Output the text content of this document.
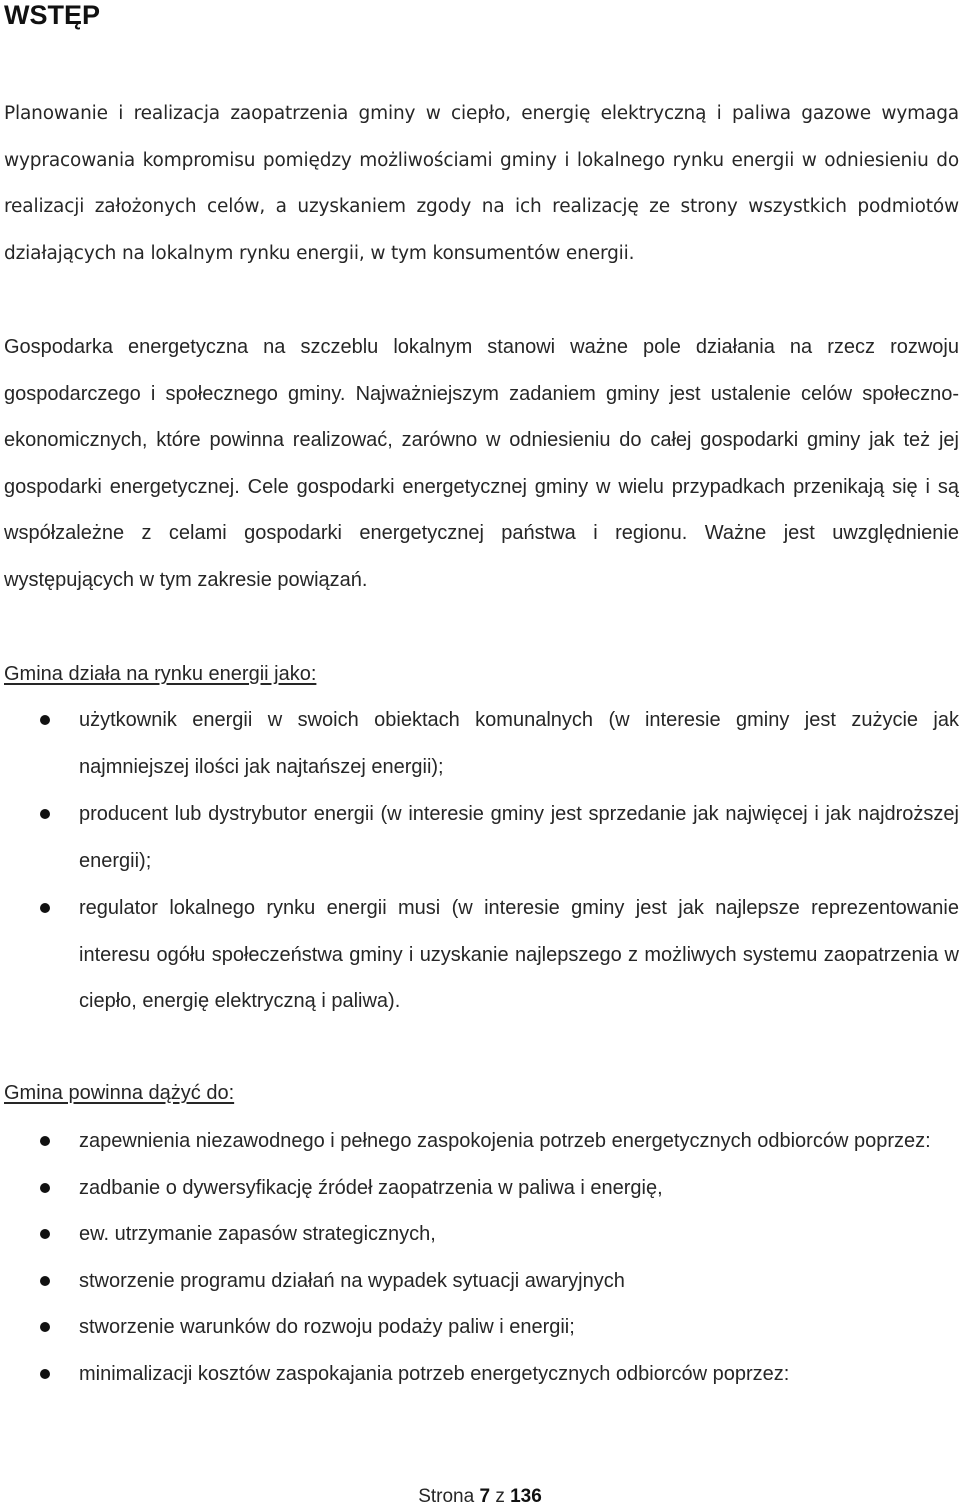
WSTĘP

Planowanie i realizacja zaopatrzenia gminy w ciepło, energię elektryczną i paliwa gazowe wymaga wypracowania kompromisu pomiędzy możliwościami gminy i lokalnego rynku energii w odniesieniu do realizacji założonych celów, a uzyskaniem zgody na ich realizację ze strony wszystkich podmiotów działających na lokalnym rynku energii, w tym konsumentów energii.

Gospodarka energetyczna na szczeblu lokalnym stanowi ważne pole działania na rzecz rozwoju gospodarczego i społecznego gminy. Najważniejszym zadaniem gminy jest ustalenie celów społeczno-ekonomicznych, które powinna realizować, zarówno w odniesieniu do całej gospodarki gminy jak też jej gospodarki energetycznej. Cele gospodarki energetycznej gminy w wielu przypadkach przenikają się i są współzależne z celami gospodarki energetycznej państwa i regionu. Ważne jest uwzględnienie występujących w tym zakresie powiązań.

Gmina działa na rynku energii jako:

użytkownik energii w swoich obiektach komunalnych (w interesie gminy jest zużycie jak najmniejszej ilości jak najtańszej energii);
producent lub dystrybutor energii (w interesie gminy jest sprzedanie jak najwięcej i jak najdroższej energii);
regulator lokalnego rynku energii musi (w interesie gminy jest jak najlepsze reprezentowanie interesu ogółu społeczeństwa gminy i uzyskanie najlepszego z możliwych systemu zaopatrzenia w ciepło, energię elektryczną i paliwa).

Gmina powinna dążyć do:

zapewnienia niezawodnego i pełnego zaspokojenia potrzeb energetycznych odbiorców poprzez:
zadbanie o dywersyfikację źródeł zaopatrzenia w paliwa i energię,
ew. utrzymanie zapasów strategicznych,
stworzenie programu działań na wypadek sytuacji awaryjnych
stworzenie warunków do rozwoju podaży paliw i energii;
minimalizacji kosztów zaspokajania potrzeb energetycznych odbiorców poprzez:
Strona 7 z 136
